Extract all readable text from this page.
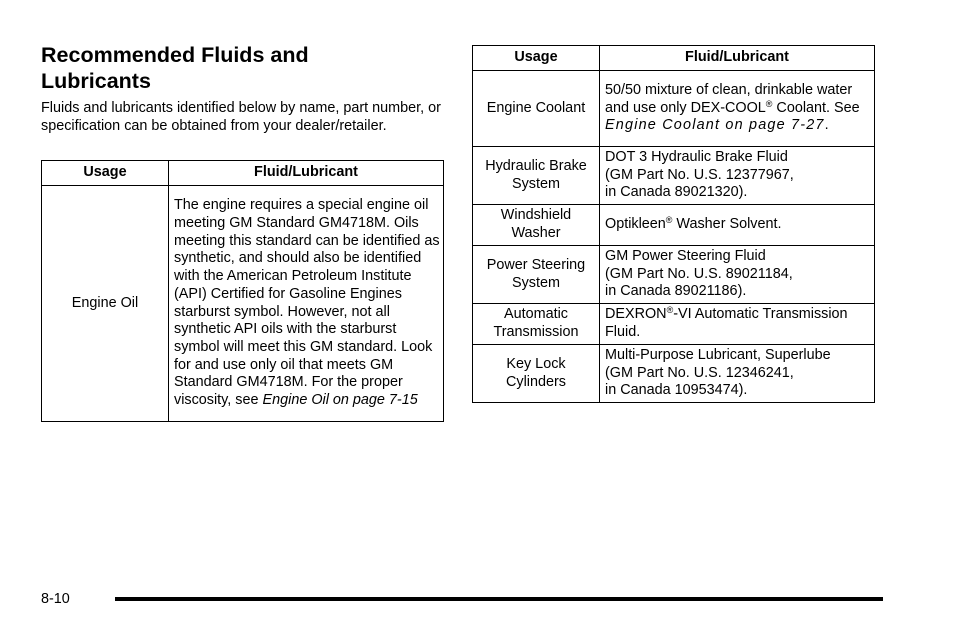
Recommended Fluids and Lubricants

Fluids and lubricants identified below by name, part number, or specification can be obtained from your dealer/retailer.

Usage	Fluid/Lubricant
Engine Oil	The engine requires a special engine oil meeting GM Standard GM4718M. Oils meeting this standard can be identified as synthetic, and should also be identified with the American Petroleum Institute (API) Certified for Gasoline Engines starburst symbol. However, not all synthetic API oils with the starburst symbol will meet this GM standard. Look for and use only oil that meets GM Standard GM4718M. For the proper viscosity, see Engine Oil on page 7-15
Usage	Fluid/Lubricant
Engine Coolant	50/50 mixture of clean, drinkable water and use only DEX-COOL® Coolant. See Engine Coolant on page 7-27.
Hydraulic Brake System	DOT 3 Hydraulic Brake Fluid
(GM Part No. U.S. 12377967,
in Canada 89021320).

Windshield Washer	Optikleen® Washer Solvent.
Power Steering System	GM Power Steering Fluid
(GM Part No. U.S. 89021184,
in Canada 89021186).

Automatic Transmission	DEXRON®-VI Automatic Transmission Fluid.
Key Lock Cylinders	Multi-Purpose Lubricant, Superlube
(GM Part No. U.S. 12346241,
in Canada 10953474).

8-10
